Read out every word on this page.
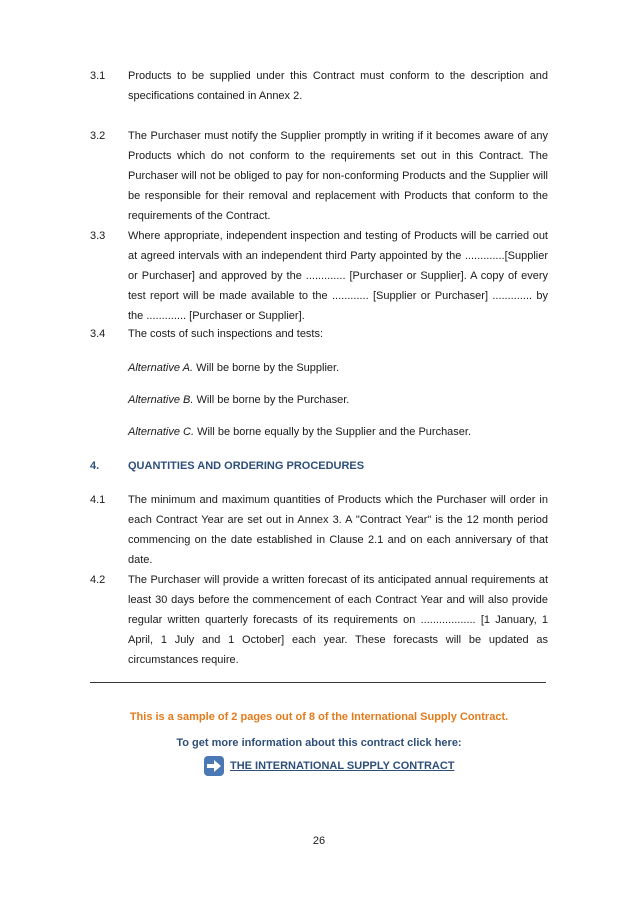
3.1	Products to be supplied under this Contract must conform to the description and specifications contained in Annex 2.

3.2	The Purchaser must notify the Supplier promptly in writing if it becomes aware of any Products which do not conform to the requirements set out in this Contract. The Purchaser will not be obliged to pay for non-conforming Products and the Supplier will be responsible for their removal and replacement with Products that conform to the requirements of the Contract.

3.3	Where appropriate, independent inspection and testing of Products will be carried out at agreed intervals with an independent third Party appointed by the .............[Supplier or Purchaser] and approved by the ............. [Purchaser or Supplier]. A copy of every test report will be made available to the ............ [Supplier or Purchaser] ............. by the ............. [Purchaser or Supplier].

3.4	The costs of such inspections and tests:

Alternative A. Will be borne by the Supplier.
Alternative B. Will be borne by the Purchaser.
Alternative C. Will be borne equally by the Supplier and the Purchaser.
4.	QUANTITIES AND ORDERING PROCEDURES
4.1	The minimum and maximum quantities of Products which the Purchaser will order in each Contract Year are set out in Annex 3. A "Contract Year" is the 12 month period commencing on the date established in Clause 2.1 and on each anniversary of that date.

4.2	The Purchaser will provide a written forecast of its anticipated annual requirements at least 30 days before the commencement of each Contract Year and will also provide regular written quarterly forecasts of its requirements on .................. [1 January, 1 April, 1 July and 1 October] each year. These forecasts will be updated as circumstances require.

This is a sample of 2 pages out of 8 of the International Supply Contract.
To get more information about this contract click here:
THE INTERNATIONAL SUPPLY CONTRACT
26
